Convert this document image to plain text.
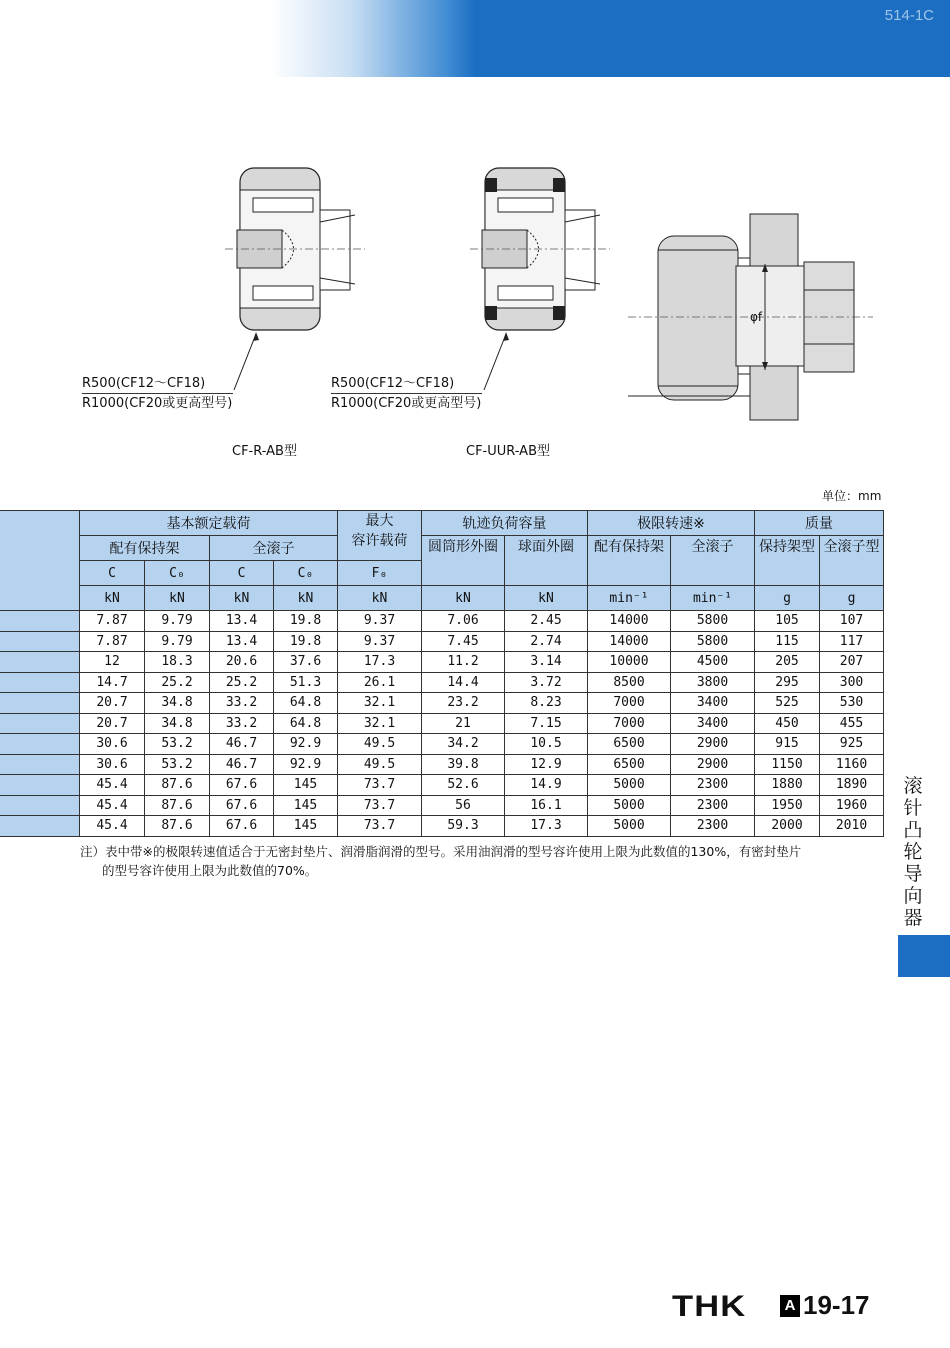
514-1C
R500(CF12～CF18)
R1000(CF20或更高型号)
CF-R-AB型
R500(CF12～CF18)
R1000(CF20或更高型号)
CF-UUR-AB型
φf
单位：mm
	基本额定载荷				最大
容许载荷	轨迹负荷容量		极限转速※		质量	
	配有保持架		全滚子			圆筒形外圈	球面外圈	配有保持架	全滚子	保持架型	全滚子型
	C	C₀	C	C₀	F₀						
	kN	kN	kN	kN	kN	kN	kN	min⁻¹	min⁻¹	g	g
	7.87	9.79	13.4	19.8	9.37	7.06	2.45	14000	5800	105	107
	7.87	9.79	13.4	19.8	9.37	7.45	2.74	14000	5800	115	117
	12	18.3	20.6	37.6	17.3	11.2	3.14	10000	4500	205	207
	14.7	25.2	25.2	51.3	26.1	14.4	3.72	8500	3800	295	300
	20.7	34.8	33.2	64.8	32.1	23.2	8.23	7000	3400	525	530
	20.7	34.8	33.2	64.8	32.1	21	7.15	7000	3400	450	455
	30.6	53.2	46.7	92.9	49.5	34.2	10.5	6500	2900	915	925
	30.6	53.2	46.7	92.9	49.5	39.8	12.9	6500	2900	1150	1160
	45.4	87.6	67.6	145	73.7	52.6	14.9	5000	2300	1880	1890
	45.4	87.6	67.6	145	73.7	56	16.1	5000	2300	1950	1960
	45.4	87.6	67.6	145	73.7	59.3	17.3	5000	2300	2000	2010
注）表中带※的极限转速值适合于无密封垫片、润滑脂润滑的型号。采用油润滑的型号容许使用上限为此数值的130%，有密封垫片
的型号容许使用上限为此数值的70%。
滚针凸轮导向器
THK	A 19-17
